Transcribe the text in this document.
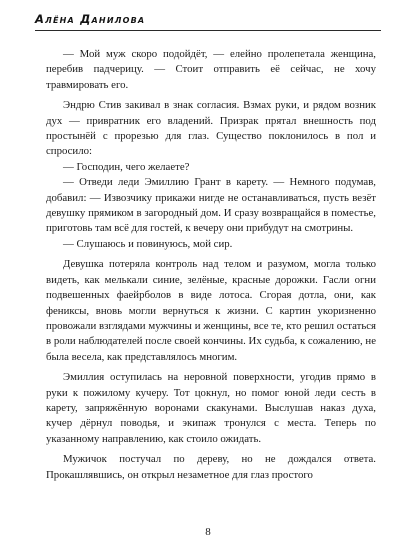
Алёна Данилова

— Мой муж скоро подойдёт, — елейно пролепетала женщина, перебив падчерицу. — Стоит отправить её сейчас, не хочу травмировать его.

Эндрю Стив закивал в знак согласия. Взмах руки, и рядом возник дух — привратник его владений. Призрак прятал внешность под простынёй с прорезью для глаз. Существо поклонилось в пол и спросило:

— Господин, чего желаете?

— Отведи леди Эмиллию Грант в карету. — Немного подумав, добавил: — Извозчику прикажи нигде не останавливаться, пусть везёт девушку прямиком в загородный дом. И сразу возвращайся в поместье, приготовь там всё для гостей, к вечеру они прибудут на смотрины.

— Слушаюсь и повинуюсь, мой сир.

Девушка потеряла контроль над телом и разумом, могла только видеть, как мелькали синие, зелёные, красные дорожки. Гасли огни подвешенных фаейрболов в виде лотоса. Сгорая дотла, они, как фениксы, вновь могли вернуться к жизни. С картин укоризненно провожали взглядами мужчины и женщины, все те, кто решил остаться в роли наблюдателей после своей кончины. Их судьба, к сожалению, не была весела, как представлялось многим.

Эмиллия оступилась на неровной поверхности, угодив прямо в руки к пожилому кучеру. Тот цокнул, но помог юной леди сесть в карету, запряжённую воронами скакунами. Выслушав наказ духа, кучер дёрнул поводья, и экипаж тронулся с места. Теперь по указанному направлению, как стоило ожидать.

Мужичок постучал по дереву, но не дождался ответа. Прокашлявшись, он открыл незаметное для глаз простого

8
